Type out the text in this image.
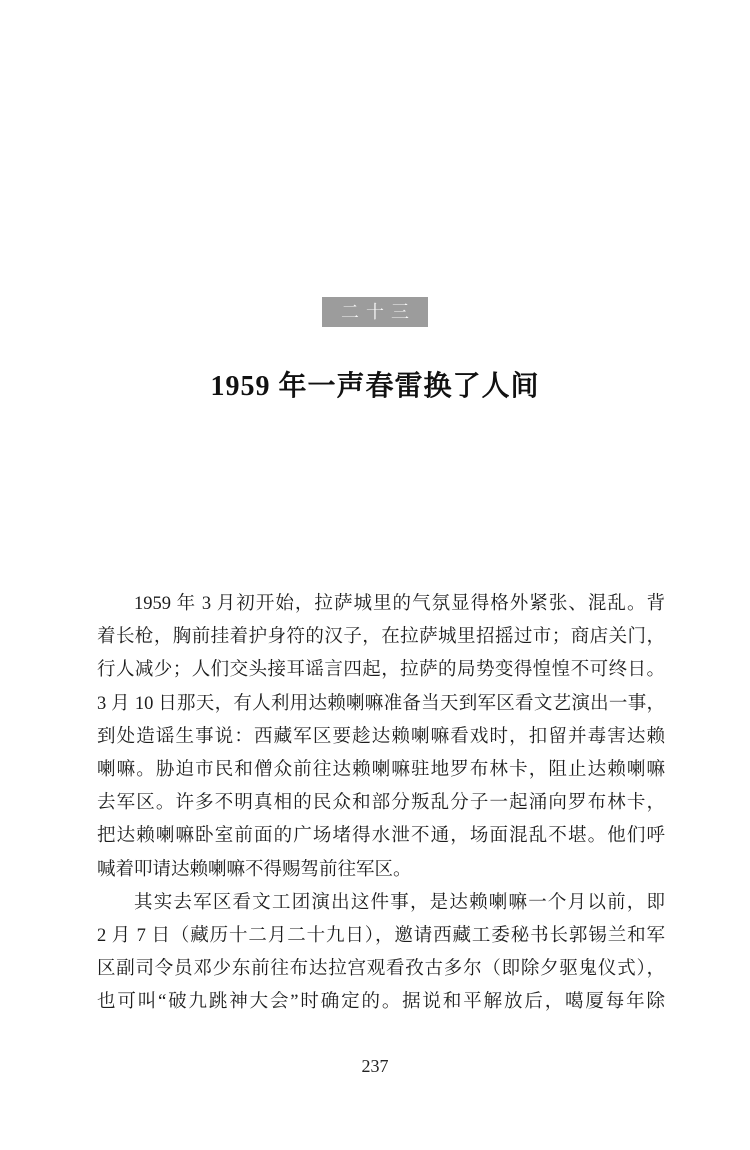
二十三
1959 年一声春雷换了人间
1959 年 3 月初开始，拉萨城里的气氛显得格外紧张、混乱。背
着长枪，胸前挂着护身符的汉子，在拉萨城里招摇过市；商店关门，
行人减少；人们交头接耳谣言四起，拉萨的局势变得惶惶不可终日。
3 月 10 日那天，有人利用达赖喇嘛准备当天到军区看文艺演出一事，
到处造谣生事说：西藏军区要趁达赖喇嘛看戏时，扣留并毒害达赖
喇嘛。胁迫市民和僧众前往达赖喇嘛驻地罗布林卡，阻止达赖喇嘛
去军区。许多不明真相的民众和部分叛乱分子一起涌向罗布林卡，
把达赖喇嘛卧室前面的广场堵得水泄不通，场面混乱不堪。他们呼
喊着叩请达赖喇嘛不得赐驾前往军区。
其实去军区看文工团演出这件事，是达赖喇嘛一个月以前，即
2 月 7 日（藏历十二月二十九日），邀请西藏工委秘书长郭锡兰和军
区副司令员邓少东前往布达拉宫观看孜古多尔（即除夕驱鬼仪式），
也可叫“破九跳神大会”时确定的。据说和平解放后，噶厦每年除
237
